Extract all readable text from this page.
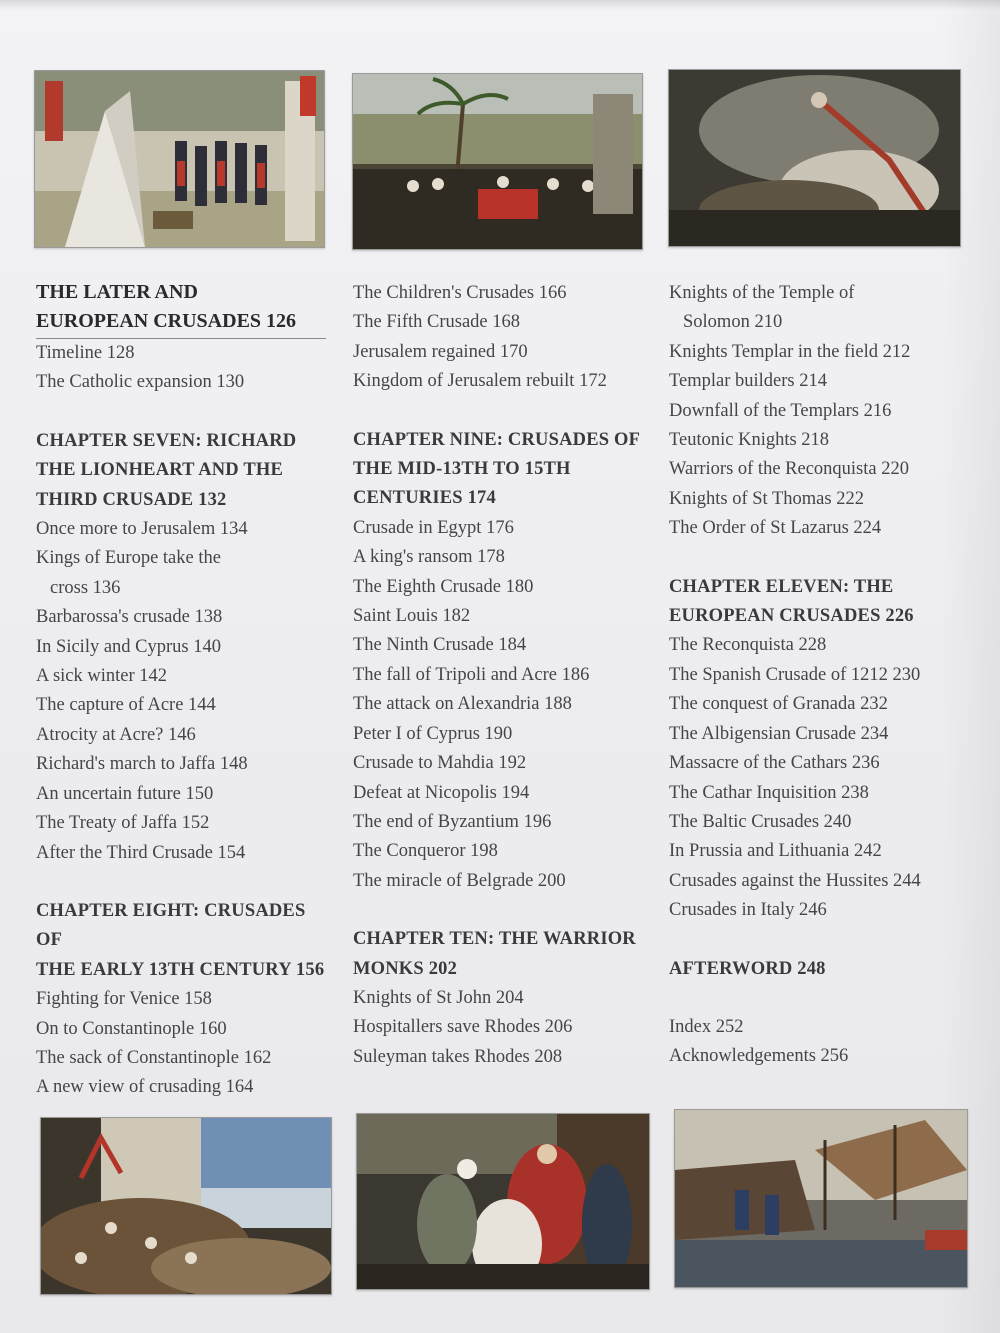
THE LATER AND
EUROPEAN CRUSADES 126
Timeline 128
The Catholic expansion 130
CHAPTER SEVEN: RICHARD
THE LIONHEART AND THE
THIRD CRUSADE 132
Once more to Jerusalem 134
Kings of Europe take the
cross 136
Barbarossa's crusade 138
In Sicily and Cyprus 140
A sick winter 142
The capture of Acre 144
Atrocity at Acre? 146
Richard's march to Jaffa 148
An uncertain future 150
The Treaty of Jaffa 152
After the Third Crusade 154
CHAPTER EIGHT: CRUSADES OF
THE EARLY 13TH CENTURY 156
Fighting for Venice 158
On to Constantinople 160
The sack of Constantinople 162
A new view of crusading 164
The Children's Crusades 166
The Fifth Crusade 168
Jerusalem regained 170
Kingdom of Jerusalem rebuilt 172
CHAPTER NINE: CRUSADES OF
THE MID-13TH TO 15TH
CENTURIES 174
Crusade in Egypt 176
A king's ransom 178
The Eighth Crusade 180
Saint Louis 182
The Ninth Crusade 184
The fall of Tripoli and Acre 186
The attack on Alexandria 188
Peter I of Cyprus 190
Crusade to Mahdia 192
Defeat at Nicopolis 194
The end of Byzantium 196
The Conqueror 198
The miracle of Belgrade 200
CHAPTER TEN: THE WARRIOR
MONKS 202
Knights of St John 204
Hospitallers save Rhodes 206
Suleyman takes Rhodes 208
Knights of the Temple of
Solomon 210
Knights Templar in the field 212
Templar builders 214
Downfall of the Templars 216
Teutonic Knights 218
Warriors of the Reconquista 220
Knights of St Thomas 222
The Order of St Lazarus 224
CHAPTER ELEVEN: THE
EUROPEAN CRUSADES 226
The Reconquista 228
The Spanish Crusade of 1212 230
The conquest of Granada 232
The Albigensian Crusade 234
Massacre of the Cathars 236
The Cathar Inquisition 238
The Baltic Crusades 240
In Prussia and Lithuania 242
Crusades against the Hussites 244
Crusades in Italy 246
AFTERWORD 248
Index 252
Acknowledgements 256
